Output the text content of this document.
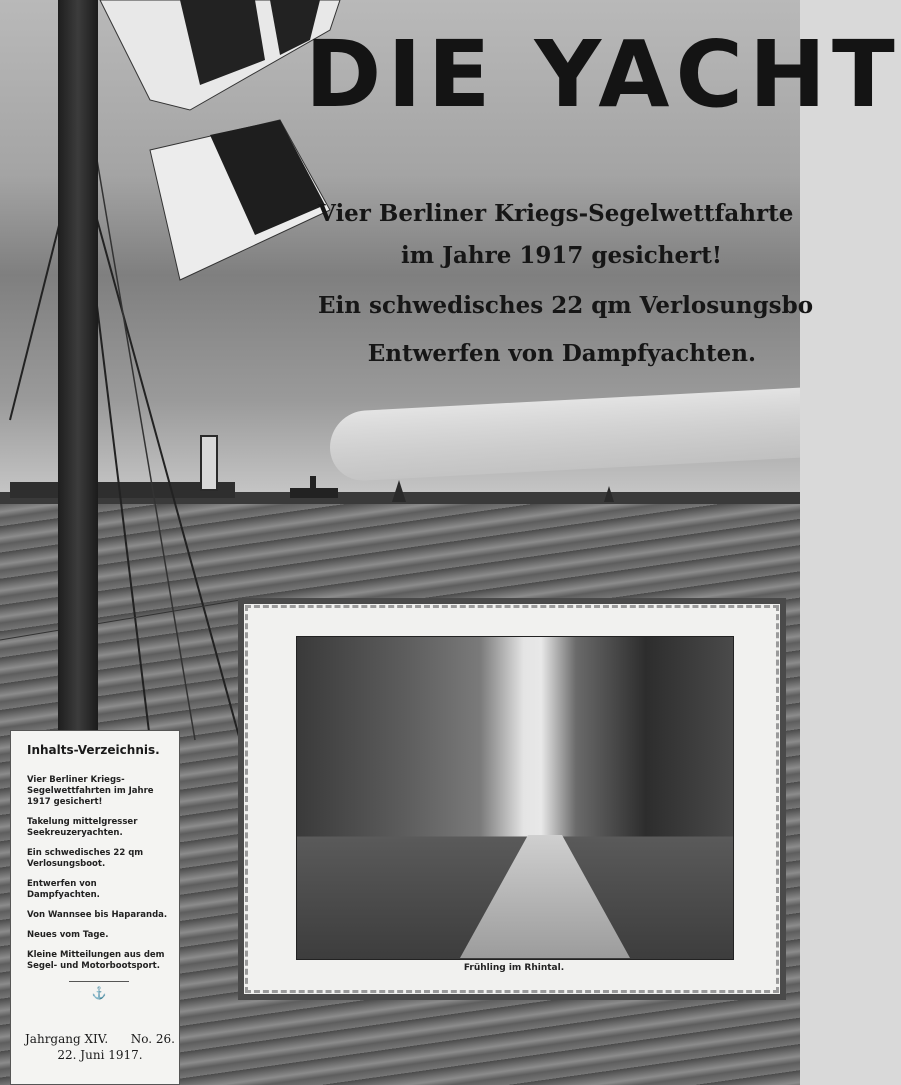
DIE YACHT
Vier Berliner Kriegs-Segelwettfahrte
im Jahre 1917 gesichert!
Ein schwedisches 22 qm Verlosungsbo
Entwerfen von Dampfyachten.
Frühling im Rhintal.
Inhalts-Verzeichnis.
Vier Berliner Kriegs-Segelwettfahrten im Jahre 1917 gesichert!
Takelung mittelgresser Seekreuzeryachten.
Ein schwedisches 22 qm Verlosungsboot.
Entwerfen von Dampfyachten.
Von Wannsee bis Haparanda.
Neues vom Tage.
Kleine Mitteilungen aus dem Segel- und Motorbootsport.
⚓
Jahrgang XIV. No. 26.
22. Juni 1917.
